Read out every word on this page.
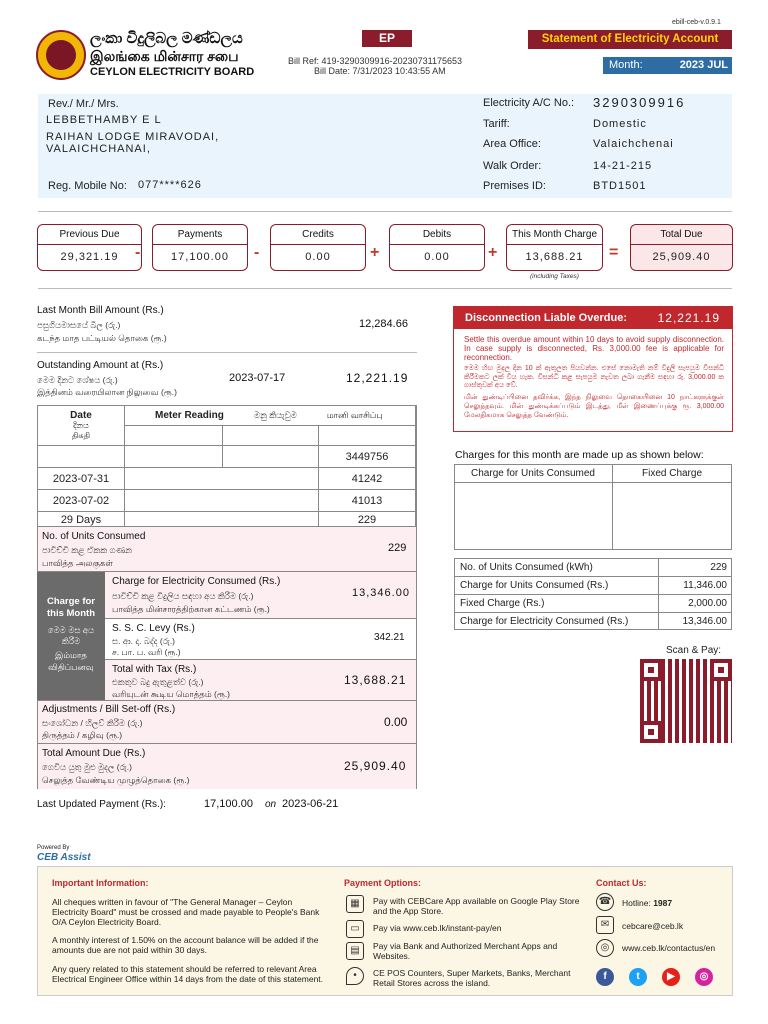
ලංකා විදුලිබල මණ්ඩලය
இலங்கை மின்சார சபை
CEYLON ELECTRICITY BOARD
ebill-ceb-v.0.9.1
EP
Bill Ref: 419-3290309916-20230731175653
Bill Date: 7/31/2023 10:43:55 AM
Statement of Electricity Account
Month:	2023 JUL
Rev./ Mr./ Mrs.
LEBBETHAMBY E L
RAIHAN LODGE MIRAVODAI,
VALAICHCHANAI,
Reg. Mobile No: 077****626
Electricity A/C No.: 3290309916
Tariff:	Domestic
Area Office:	Valaichchenai
Walk Order:	14-21-215
Premises ID:	BTD1501
Previous Due
29,321.19	-
Payments
17,100.00	-
Credits
0.00	+
Debits
0.00	+
This Month Charge
13,688.21
(including Taxes)
=
Total Due
25,909.40
Last Month Bill Amount (Rs.)
පසුගියමාසයේ බිල (රු.)
கடந்த மாத பட்டியல் தொகை (ரூ.)
12,284.66
Outstanding Amount at (Rs.)
මෙම දිනට ශේෂය (රු.)
இத்தினம் வரையிலான நிலுவை (ரூ.)
2023-07-17	12,221.19
Date
දිනය
திகதி
Meter Reading	මනු කියැවුම	மானி வாசிப்பு
3449756
2023-07-31	41242
2023-07-02	41013
29 Days	229
No. of Units Consumed
පාවිච්චි කළ ඒකක ගණන
பாவித்த அலகுகள்
229
Charge for Electricity Consumed (Rs.)
පාවිච්චි කළ විදුලිය සඳහා අය කිරීම (රු.)
பாவித்த மின்சாரத்திற்கான கட்டணம் (ரூ.)
13,346.00
S. S. C. Levy (Rs.)
ස. ආ. දා. බද්ද (රු.)
ச. பா. ப. வரி (ரூ.)
342.21
Total with Tax (Rs.)
එකතුව බදු ඇතුළත්ව (රු.)
வரியுடன் கூடிய மொத்தம் (ரூ.)
13,688.21
Adjustments / Bill Set-off (Rs.)
සංශෝධන / හිලව් කිරීම (රු.)
திருத்தம் / கழிவு (ரூ.)
0.00
Total Amount Due (Rs.)
ගෙවිය යුතු මුළු මුදල (රු.)
செலுத்த வேண்டிய முழுத்தொகை (ரூ.)
25,909.40
Charge for
this Month
මෙම මස අය
කිරීම
இம்மாத
விதிப்பனவு
Last Updated Payment (Rs.):	17,100.00 on 2023-06-21
Disconnection Liable Overdue:	12,221.19
Settle this overdue amount within 10 days to avoid supply disconnection. In case supply is disconnected, Rs. 3,000.00 fee is applicable for reconnection.
මෙම හිඟ මුදල දින 10 ක් ඇතුලත පියවන්න. එසේ නොමැති නම් විදුලි සැපයුම විසන්ධි කිරීමකට ලක් විය හැක. විසන්ධි කළ සැපයුම නැවත ලබා ගැනීම සඳහා රු. 3,000.00 ක ගාස්තුවක් අය වේ.
மின் துண்டிப்பினை தவிர்க்க, இந்த நிலுவை தொகையினை 10 நாட்களுக்குள் செலுத்தவும். மின் துண்டிக்கப்படும் இடத்து, மீள் இணைப்புக்கு ரூ. 3,000.00 மேலதிகமாக செலுத்த வேண்டும்.
Charges for this month are made up as shown below:
Charge for Units Consumed	Fixed Charge
No. of Units Consumed (kWh)	229
Charge for Units Consumed (Rs.)	11,346.00
Fixed Charge (Rs.)	2,000.00
Charge for Electricity Consumed (Rs.)	13,346.00
Scan & Pay:
Powered By
CEB Assist
Important Information:
All cheques written in favour of "The General Manager – Ceylon Electricity Board" must be crossed and made payable to People's Bank O/A Ceylon Electricity Board.
A monthly interest of 1.50% on the account balance will be added if the amounts due are not paid within 30 days.
Any query related to this statement should be referred to relevant Area Electrical Engineer Office within 14 days from the date of this statement.
Payment Options:
▦	Pay with CEBCare App available on Google Play Store and the App Store.
▭	Pay via www.ceb.lk/instant-pay/en
▤	Pay via Bank and Authorized Merchant Apps and Websites.
•	CE POS Counters, Super Markets, Banks, Merchant Retail Stores across the island.
Contact Us:
☎	Hotline: 1987
✉	cebcare@ceb.lk
◎	www.ceb.lk/contactus/en
f	t	▶	◎
